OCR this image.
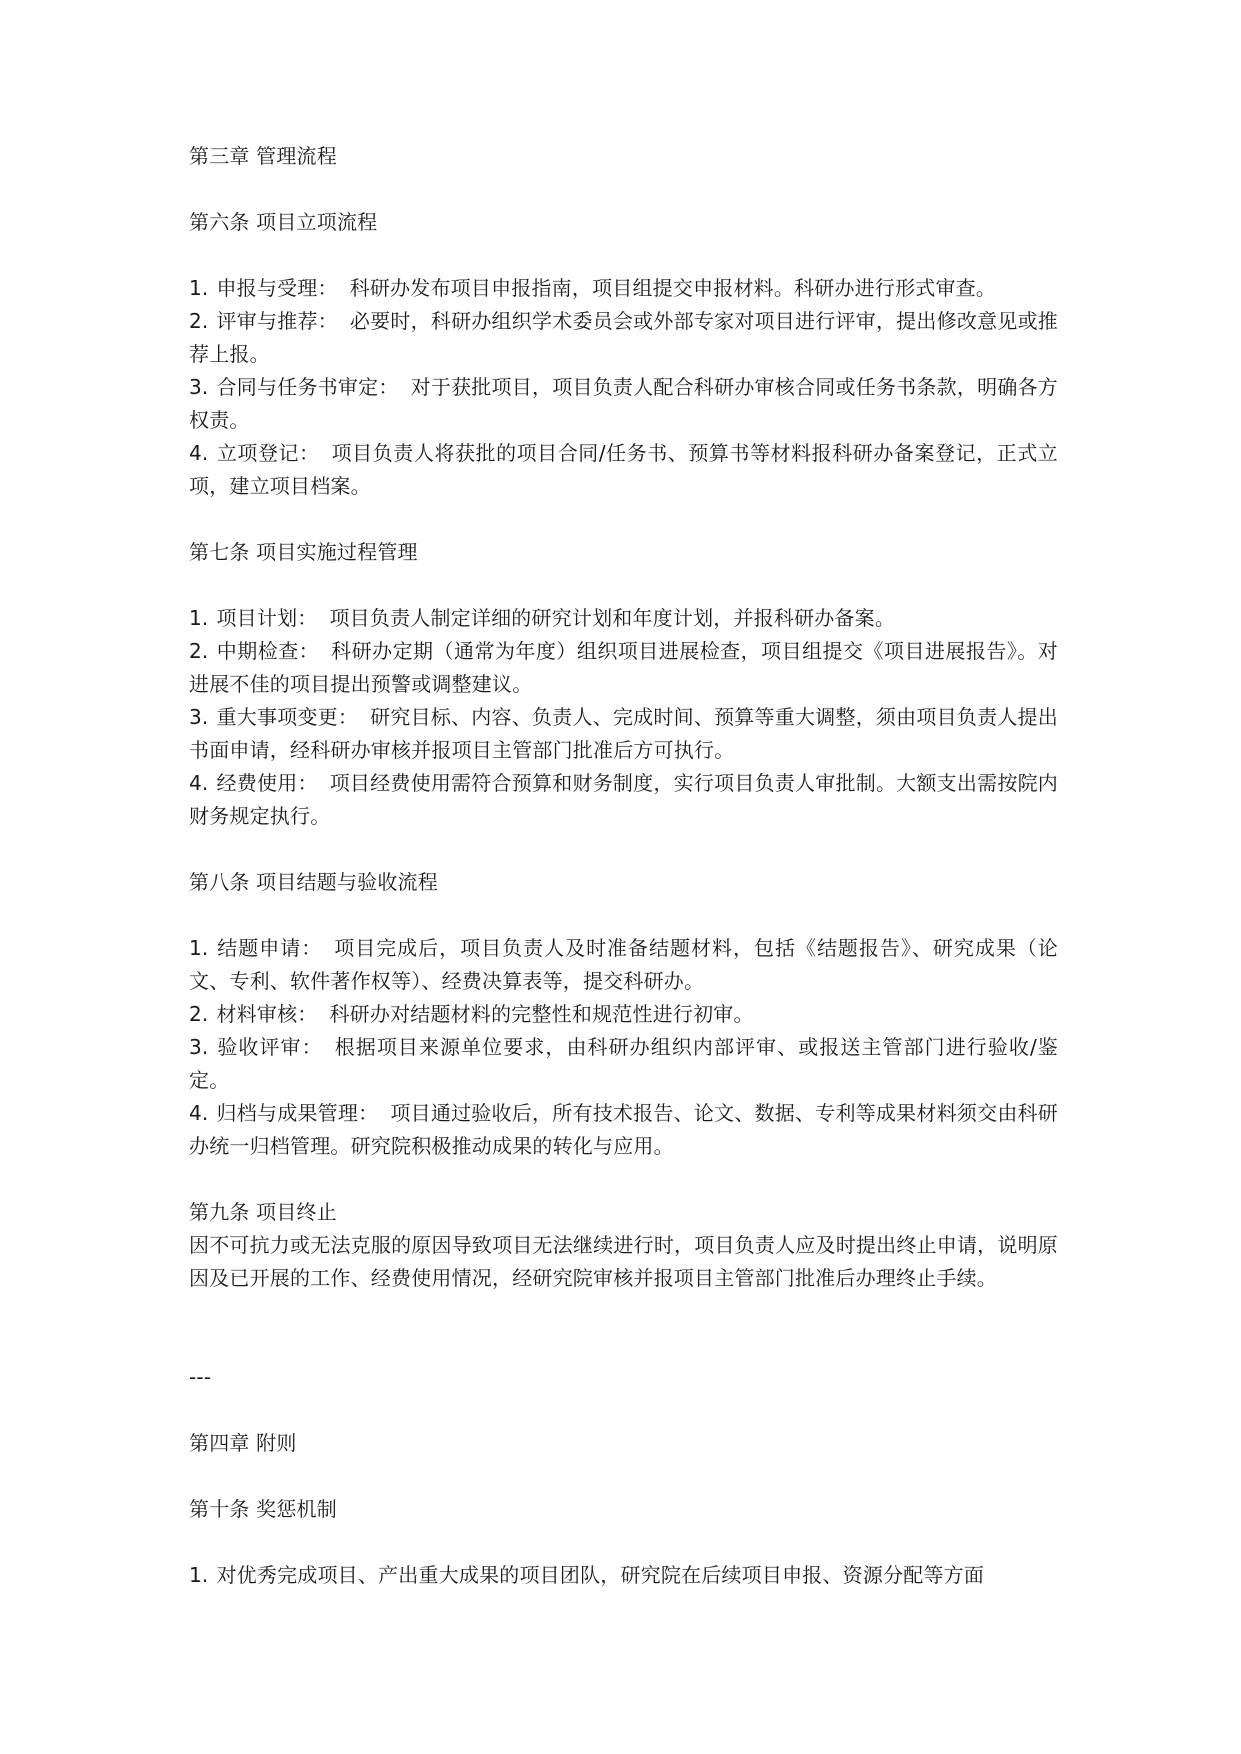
第三章 管理流程

第六条 项目立项流程

1. 申报与受理： 科研办发布项目申报指南，项目组提交申报材料。科研办进行形式审查。

2. 评审与推荐： 必要时，科研办组织学术委员会或外部专家对项目进行评审，提出修改意见或推荐上报。

3. 合同与任务书审定： 对于获批项目，项目负责人配合科研办审核合同或任务书条款，明确各方权责。

4. 立项登记： 项目负责人将获批的项目合同/任务书、预算书等材料报科研办备案登记，正式立项，建立项目档案。

第七条 项目实施过程管理

1. 项目计划： 项目负责人制定详细的研究计划和年度计划，并报科研办备案。

2. 中期检查： 科研办定期（通常为年度）组织项目进展检查，项目组提交《项目进展报告》。对进展不佳的项目提出预警或调整建议。

3. 重大事项变更： 研究目标、内容、负责人、完成时间、预算等重大调整，须由项目负责人提出书面申请，经科研办审核并报项目主管部门批准后方可执行。

4. 经费使用： 项目经费使用需符合预算和财务制度，实行项目负责人审批制。大额支出需按院内财务规定执行。

第八条 项目结题与验收流程

1. 结题申请： 项目完成后，项目负责人及时准备结题材料，包括《结题报告》、研究成果（论文、专利、软件著作权等）、经费决算表等，提交科研办。

2. 材料审核： 科研办对结题材料的完整性和规范性进行初审。

3. 验收评审： 根据项目来源单位要求，由科研办组织内部评审、或报送主管部门进行验收/鉴定。

4. 归档与成果管理： 项目通过验收后，所有技术报告、论文、数据、专利等成果材料须交由科研办统一归档管理。研究院积极推动成果的转化与应用。

第九条 项目终止

因不可抗力或无法克服的原因导致项目无法继续进行时，项目负责人应及时提出终止申请，说明原因及已开展的工作、经费使用情况，经研究院审核并报项目主管部门批准后办理终止手续。

---

第四章 附则

第十条 奖惩机制

1. 对优秀完成项目、产出重大成果的项目团队，研究院在后续项目申报、资源分配等方面
